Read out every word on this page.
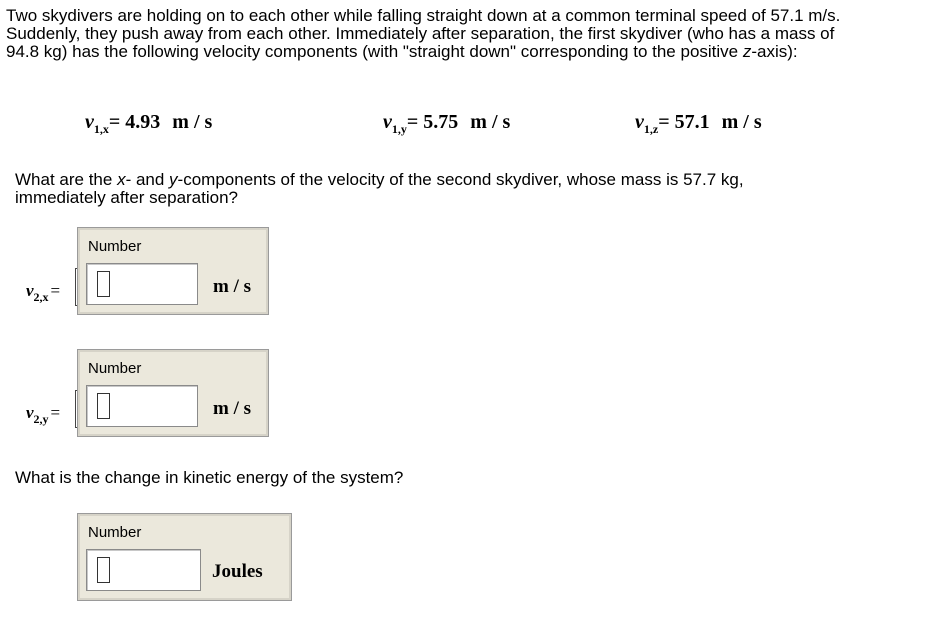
Two skydivers are holding on to each other while falling straight down at a common terminal speed of 57.1 m/s.
Suddenly, they push away from each other. Immediately after separation, the first skydiver (who has a mass of
94.8 kg) has the following velocity components (with "straight down" corresponding to the positive z-axis):
$v_{1,x}= 4.93$ m / s	$v_{1,y}= 5.75$ m / s	$v_{1,z}= 57.1$ m / s
What are the x- and y-components of the velocity of the second skydiver, whose mass is 57.7 kg,
immediately after separation?
$v_{2,x}$ =
Number
m / s
$v_{2,y}$ =
Number
m / s
What is the change in kinetic energy of the system?
Number
Joules
